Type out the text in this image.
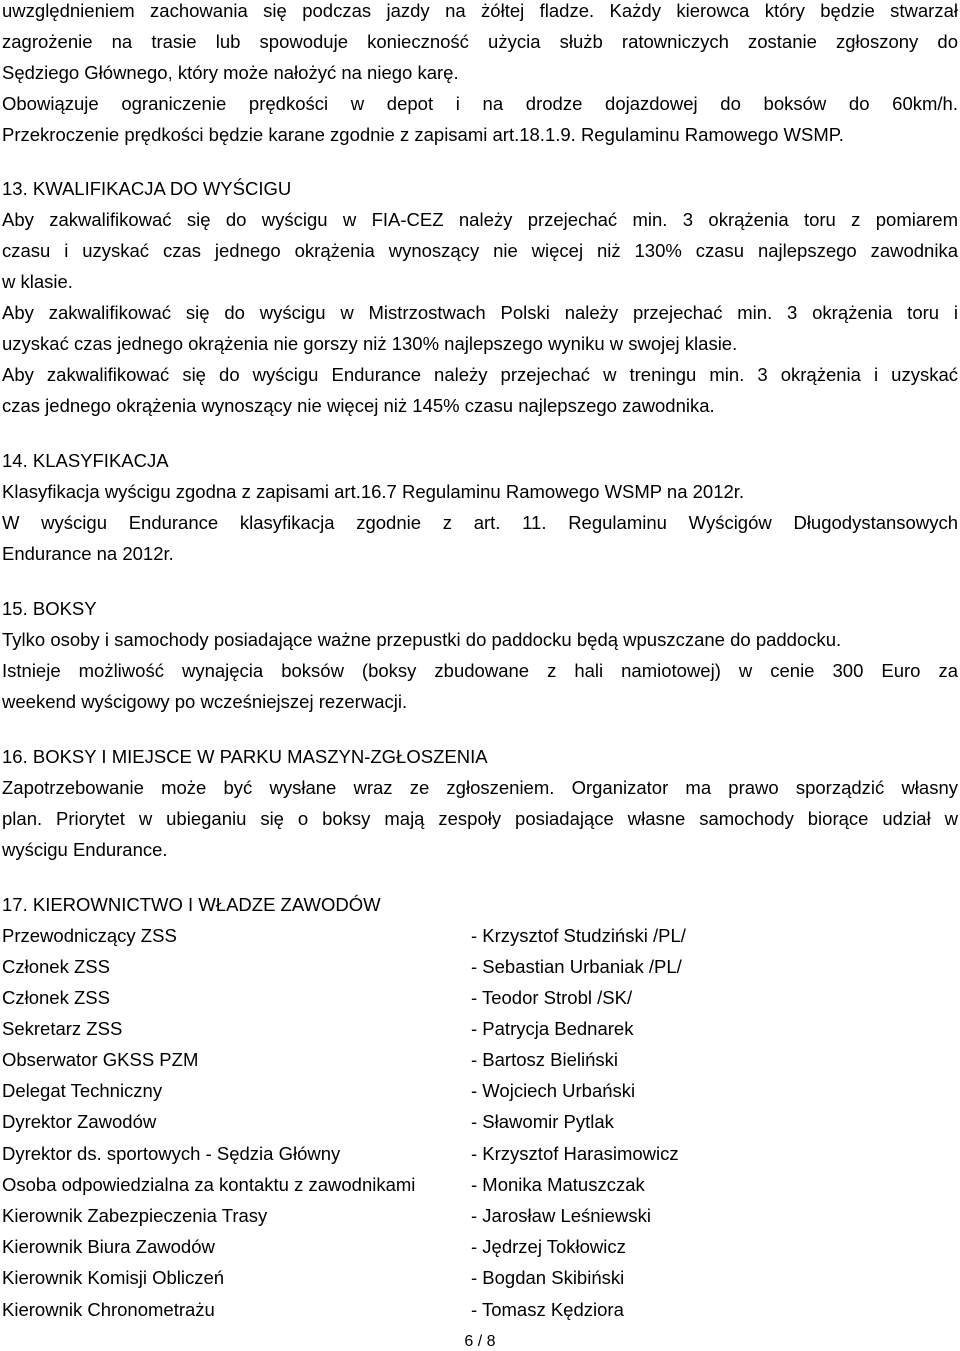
uwzględnieniem zachowania się podczas jazdy na żółtej fladze. Każdy kierowca który będzie stwarzał
zagrożenie na trasie lub spowoduje konieczność użycia służb ratowniczych zostanie zgłoszony do
Sędziego Głównego, który może nałożyć na niego karę.
Obowiązuje ograniczenie prędkości w depot i na drodze dojazdowej do boksów do 60km/h.
Przekroczenie prędkości będzie karane zgodnie z zapisami art.18.1.9. Regulaminu Ramowego WSMP.
13. KWALIFIKACJA DO WYŚCIGU
Aby zakwalifikować się do wyścigu w FIA-CEZ należy przejechać min. 3 okrążenia toru z pomiarem
czasu i uzyskać czas jednego okrążenia wynoszący nie więcej niż 130% czasu najlepszego zawodnika
w klasie.
Aby zakwalifikować się do wyścigu w Mistrzostwach Polski należy przejechać min. 3 okrążenia toru i
uzyskać czas jednego okrążenia nie gorszy niż 130% najlepszego wyniku w swojej klasie.
Aby zakwalifikować się do wyścigu Endurance należy przejechać w treningu min. 3 okrążenia i uzyskać
czas jednego okrążenia wynoszący nie więcej niż 145% czasu najlepszego zawodnika.
14. KLASYFIKACJA
Klasyfikacja wyścigu zgodna z zapisami art.16.7 Regulaminu Ramowego WSMP na 2012r.
W wyścigu Endurance klasyfikacja zgodnie z art. 11. Regulaminu Wyścigów Długodystansowych
Endurance na 2012r.
15. BOKSY
Tylko osoby i samochody posiadające ważne przepustki do paddocku będą wpuszczane do paddocku.
Istnieje możliwość wynajęcia boksów (boksy zbudowane z hali namiotowej) w cenie 300 Euro za
weekend wyścigowy po wcześniejszej rezerwacji.
16. BOKSY I MIEJSCE W PARKU MASZYN-ZGŁOSZENIA
Zapotrzebowanie może być wysłane wraz ze zgłoszeniem. Organizator ma prawo sporządzić własny
plan. Priorytet w ubieganiu się o boksy mają zespoły posiadające własne samochody biorące udział w
wyścigu Endurance.
17. KIEROWNICTWO I WŁADZE ZAWODÓW
Przewodniczący ZSS	- Krzysztof Studziński /PL/
Członek ZSS	- Sebastian Urbaniak /PL/
Członek ZSS	- Teodor Strobl /SK/
Sekretarz ZSS	- Patrycja Bednarek
Obserwator GKSS PZM	- Bartosz Bieliński
Delegat Techniczny	- Wojciech Urbański
Dyrektor Zawodów	- Sławomir Pytlak
Dyrektor ds. sportowych - Sędzia Główny	- Krzysztof Harasimowicz
Osoba odpowiedzialna za kontaktu z zawodnikami	- Monika Matuszczak
Kierownik Zabezpieczenia Trasy	- Jarosław Leśniewski
Kierownik Biura Zawodów	- Jędrzej Tokłowicz
Kierownik Komisji Obliczeń	- Bogdan Skibiński
Kierownik Chronometrażu	- Tomasz Kędziora
6 / 8
